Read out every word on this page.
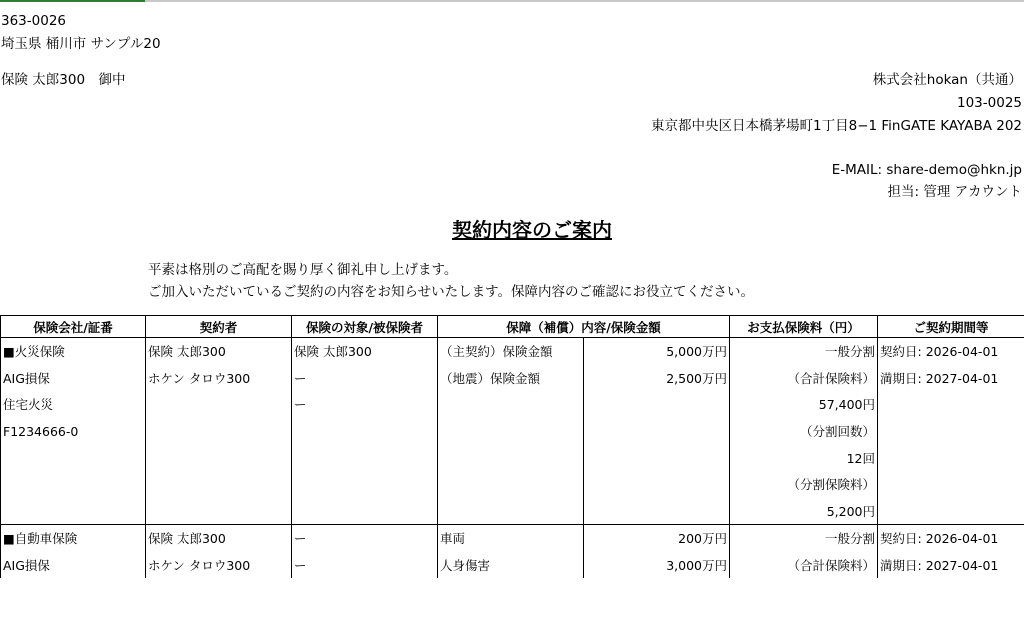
363-0026
埼玉県 桶川市 サンプル20
保険 太郎300　御中	株式会社hokan（共通）
103-0025
東京都中央区日本橋茅場町1丁目8−1 FinGATE KAYABA 202
E-MAIL: share-demo@hkn.jp
担当: 管理 アカウント
契約内容のご案内
平素は格別のご高配を賜り厚く御礼申し上げます。
ご加入いただいているご契約の内容をお知らせいたします。保障内容のご確認にお役立てください。
保険会社/証番	契約者	保険の対象/被保険者	保障（補償）内容/保険金額		お支払保険料（円）	ご契約期間等
■火災保険	保険 太郎300	保険 太郎300	（主契約）保険金額	5,000万円	一般分割	契約日: 2026-04-01
AIG損保	ホケン タロウ300	ー	（地震）保険金額	2,500万円	（合計保険料）	満期日: 2027-04-01
住宅火災		ー			57,400円	
F1234666-0					（分割回数）	
					12回	
					（分割保険料）	
					5,200円	
■自動車保険	保険 太郎300	ー	車両	200万円	一般分割	契約日: 2026-04-01
AIG損保	ホケン タロウ300	ー	人身傷害	3,000万円	（合計保険料）	満期日: 2027-04-01
